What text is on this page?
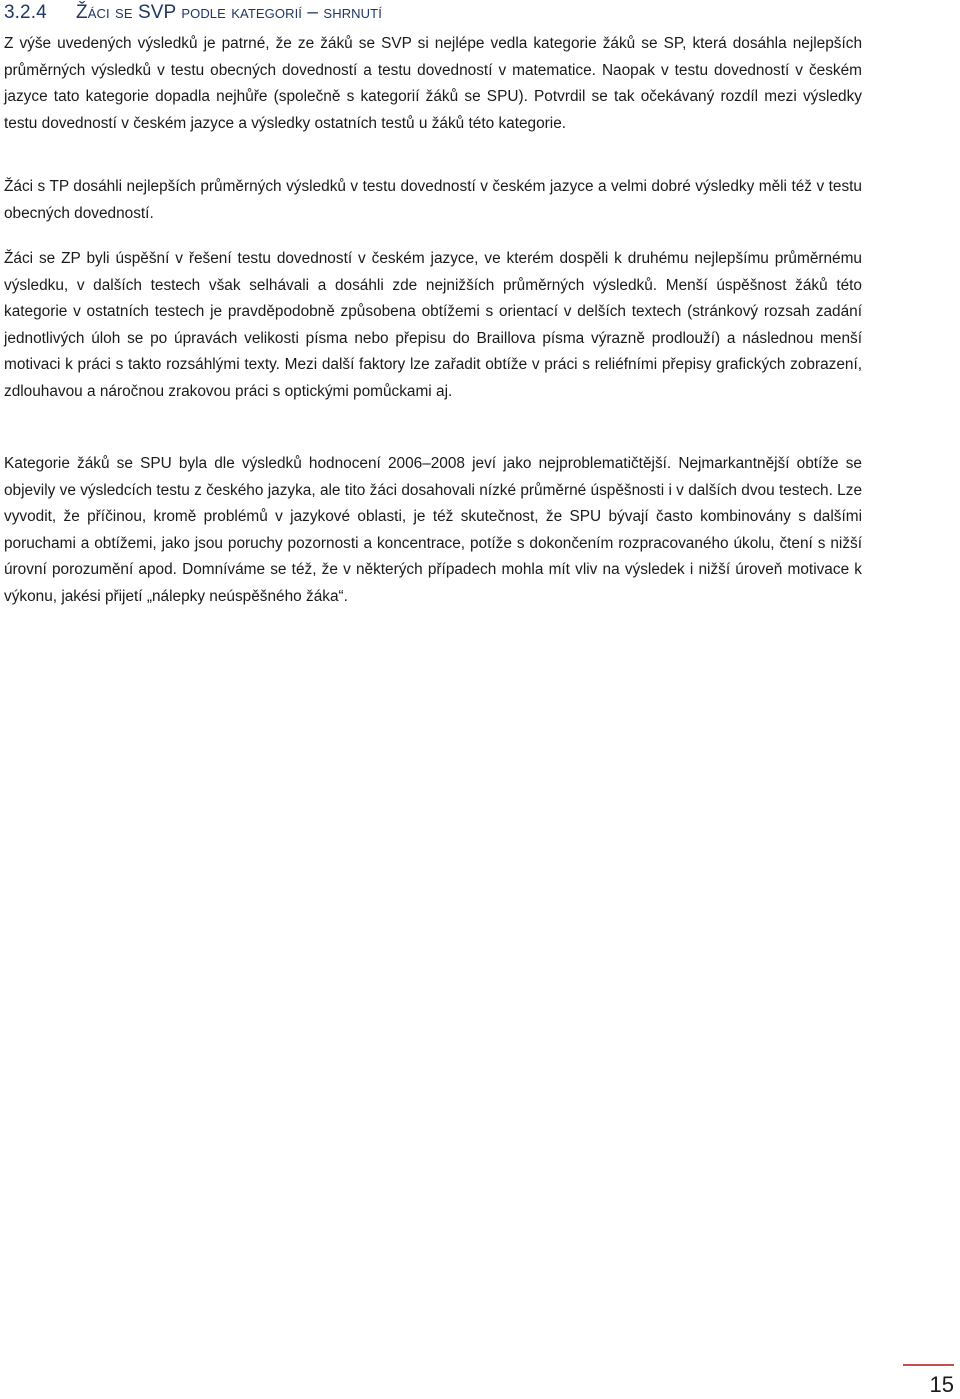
3.2.4 Žáci se SVP podle kategorií – shrnutí

Z výše uvedených výsledků je patrné, že ze žáků se SVP si nejlépe vedla kategorie žáků se SP, která dosáhla nejlepších průměrných výsledků v testu obecných dovedností a testu dovedností v matematice. Naopak v testu dovedností v českém jazyce tato kategorie dopadla nejhůře (společně s kategorií žáků se SPU). Potvrdil se tak očekávaný rozdíl mezi výsledky testu dovedností v českém jazyce a výsledky ostatních testů u žáků této kategorie.

Žáci s TP dosáhli nejlepších průměrných výsledků v testu dovedností v českém jazyce a velmi dobré výsledky měli též v testu obecných dovedností.

Žáci se ZP byli úspěšní v řešení testu dovedností v českém jazyce, ve kterém dospěli k druhému nejlepšímu průměrnému výsledku, v dalších testech však selhávali a dosáhli zde nejnižších průměrných výsledků. Menší úspěšnost žáků této kategorie v ostatních testech je pravděpodobně způsobena obtížemi s orientací v delších textech (stránkový rozsah zadání jednotlivých úloh se po úpravách velikosti písma nebo přepisu do Braillova písma výrazně prodlouží) a následnou menší motivaci k práci s takto rozsáhlými texty. Mezi další faktory lze zařadit obtíže v práci s reliéfními přepisy grafických zobrazení, zdlouhavou a náročnou zrakovou práci s optickými pomůckami aj.

Kategorie žáků se SPU byla dle výsledků hodnocení 2006–2008 jeví jako nejproblematičtější. Nejmarkantnější obtíže se objevily ve výsledcích testu z českého jazyka, ale tito žáci dosahovali nízké průměrné úspěšnosti i v dalších dvou testech. Lze vyvodit, že příčinou, kromě problémů v jazykové oblasti, je též skutečnost, že SPU bývají často kombinovány s dalšími poruchami a obtížemi, jako jsou poruchy pozornosti a koncentrace, potíže s dokončením rozpracovaného úkolu, čtení s nižší úrovní porozumění apod. Domníváme se též, že v některých případech mohla mít vliv na výsledek i nižší úroveň motivace k výkonu, jakési přijetí „nálepky neúspěšného žáka“.

15
